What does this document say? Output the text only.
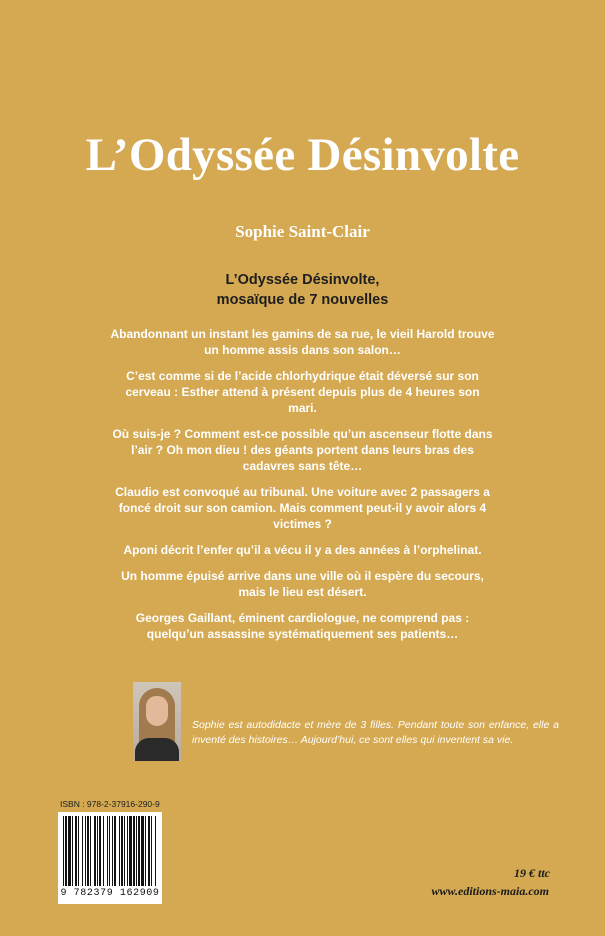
L’Odyssée Désinvolte
Sophie Saint-Clair
L’Odyssée Désinvolte,
mosaïque de 7 nouvelles

Abandonnant un instant les gamins de sa rue, le vieil Harold trouve un homme assis dans son salon…

C’est comme si de l’acide chlorhydrique était déversé sur son cerveau : Esther attend à présent depuis plus de 4 heures son mari.

Où suis-je ? Comment est-ce possible qu’un ascenseur flotte dans l’air ? Oh mon dieu ! des géants portent dans leurs bras des cadavres sans tête…

Claudio est convoqué au tribunal. Une voiture avec 2 passagers a foncé droit sur son camion. Mais comment peut-il y avoir alors 4 victimes ?

Aponi décrit l’enfer qu’il a vécu il y a des années à l’orphelinat.

Un homme épuisé arrive dans une ville où il espère du secours, mais le lieu est désert.

Georges Gaillant, éminent cardiologue, ne comprend pas : quelqu’un assassine systématiquement ses patients…

Sophie est autodidacte et mère de 3 filles. Pendant toute son enfance, elle a inventé des histoires… Aujourd’hui, ce sont elles qui inventent sa vie.
ISBN : 978-2-37916-290-9
9 782379 162909
19 € ttc
www.editions-maia.com
